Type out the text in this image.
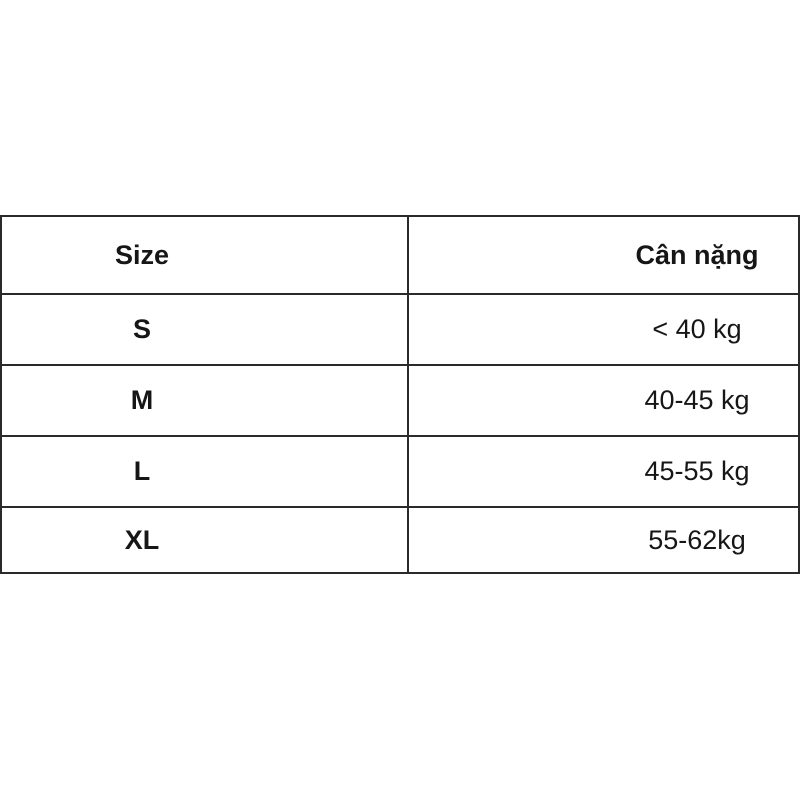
Size	Cân nặng
S	< 40 kg
M	40-45 kg
L	45-55 kg
XL	55-62kg
